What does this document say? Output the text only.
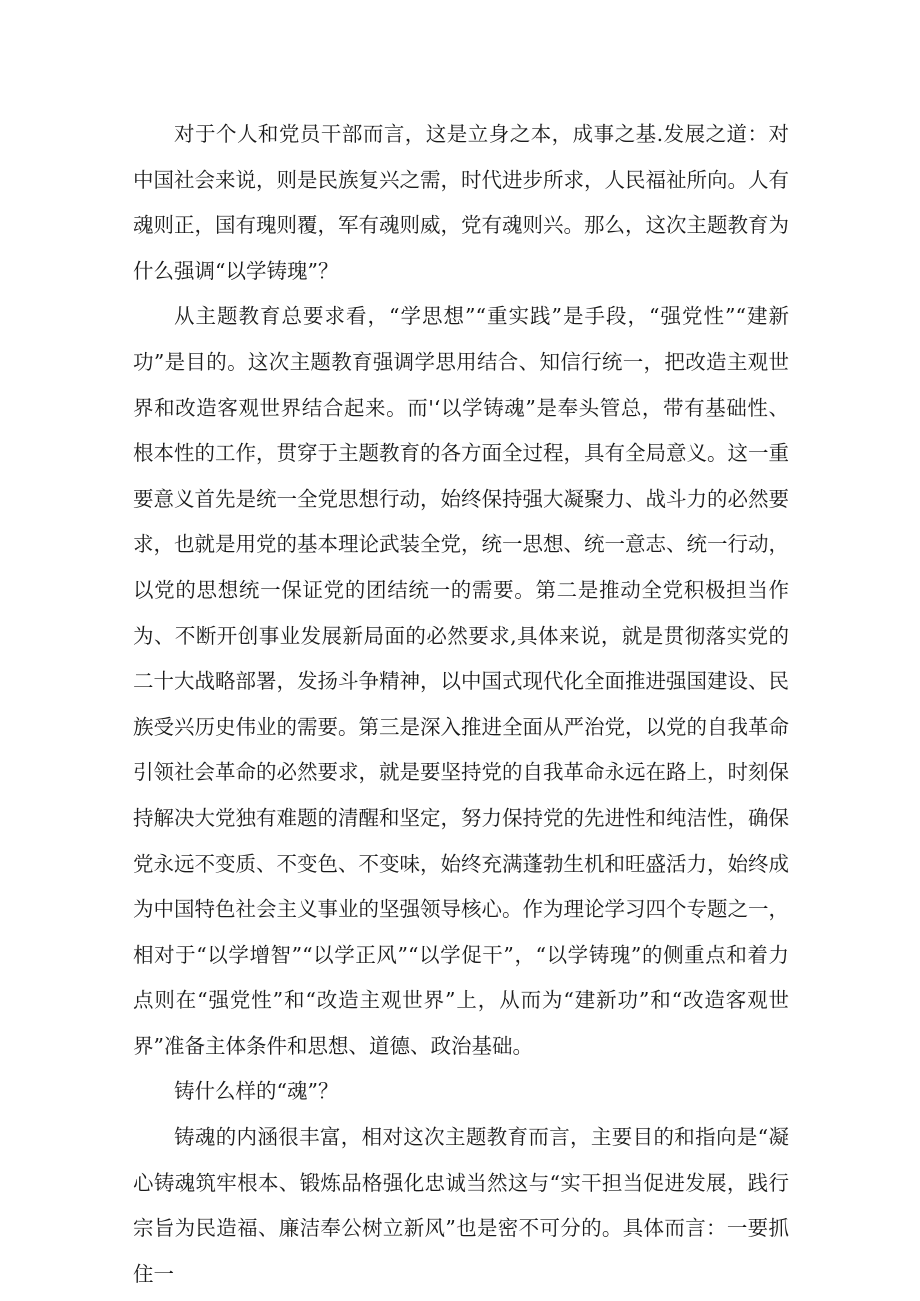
对于个人和党员干部而言，这是立身之本，成事之基.发展之道：对中国社会来说，则是民族复兴之需，时代进步所求，人民福祉所向。人有魂则正，国有瑰则覆，军有魂则威，党有魂则兴。那么，这次主题教育为什么强调“以学铸瑰”？

从主题教育总要求看，“学思想”“重实践”是手段，“强党性”“建新功”是目的。这次主题教育强调学思用结合、知信行统一，把改造主观世界和改造客观世界结合起来。而'‘以学铸魂”是奉头管总，带有基础性、根本性的工作，贯穿于主题教育的各方面全过程，具有全局意义。这一重要意义首先是统一全党思想行动，始终保持强大凝聚力、战斗力的必然要求，也就是用党的基本理论武装全党，统一思想、统一意志、统一行动，以党的思想统一保证党的团结统一的需要。第二是推动全党积极担当作为、不断开创事业发展新局面的必然要求,具体来说，就是贯彻落实党的二十大战略部署，发扬斗争精神，以中国式现代化全面推进强国建设、民族受兴历史伟业的需要。第三是深入推进全面从严治党，以党的自我革命引领社会革命的必然要求，就是要坚持党的自我革命永远在路上，时刻保持解决大党独有难题的清醒和坚定，努力保持党的先进性和纯洁性，确保党永远不变质、不变色、不变味，始终充满蓬勃生机和旺盛活力，始终成为中国特色社会主义事业的坚强领导核心。作为理论学习四个专题之一，相对于“以学增智”“以学正风”“以学促干”，“以学铸瑰”的侧重点和着力点则在“强党性”和“改造主观世界”上，从而为“建新功”和“改造客观世界”准备主体条件和思想、道德、政治基础。

铸什么样的“魂”？

铸魂的内涵很丰富，相对这次主题教育而言，主要目的和指向是“凝心铸魂筑牢根本、锻炼品格强化忠诚当然这与“实干担当促进发展，践行宗旨为民造福、廉洁奉公树立新风”也是密不可分的。具体而言：一要抓住一
